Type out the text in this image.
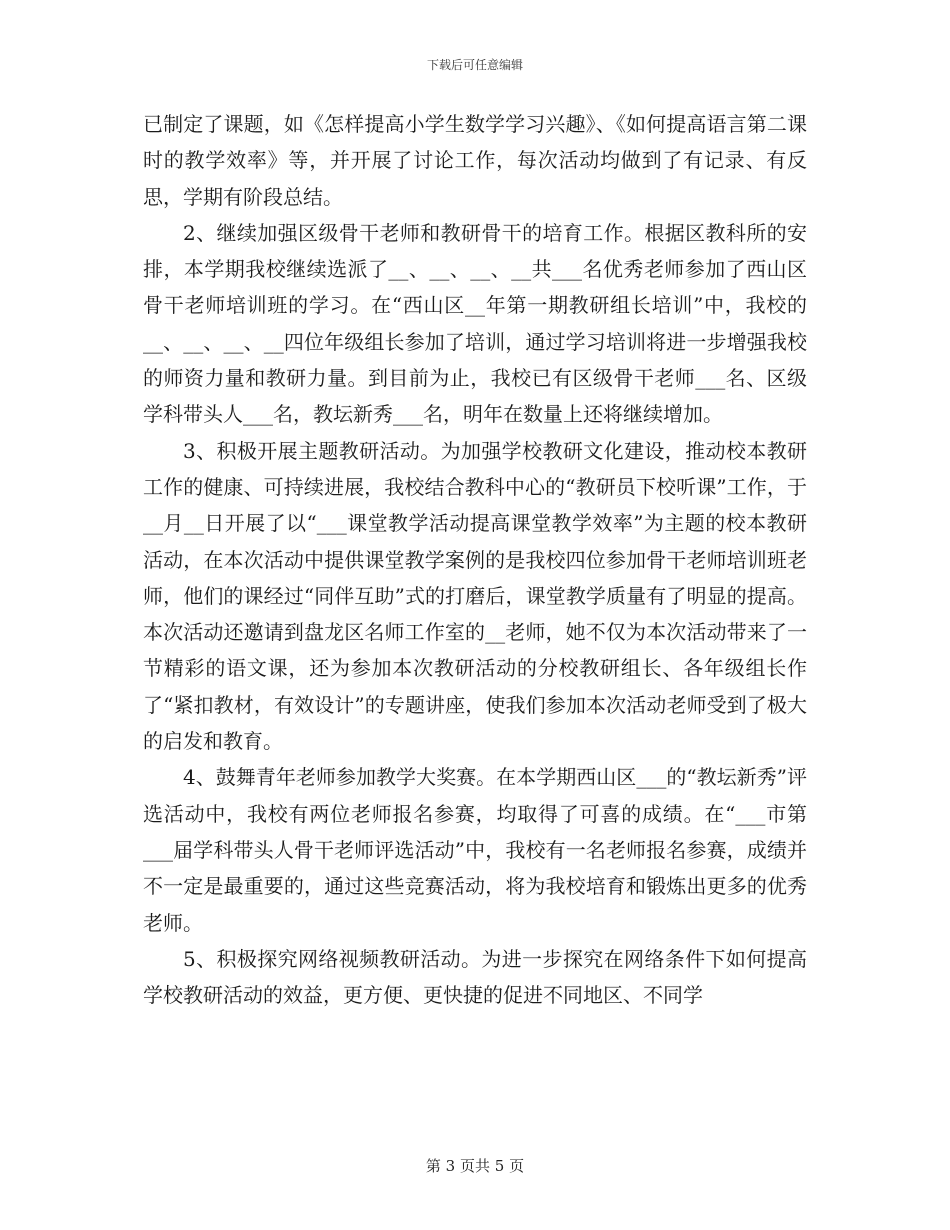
下载后可任意编辑

已制定了课题，如《怎样提高小学生数学学习兴趣》、《如何提高语言第二课时的教学效率》等，并开展了讨论工作，每次活动均做到了有记录、有反思，学期有阶段总结。

2、继续加强区级骨干老师和教研骨干的培育工作。根据区教科所的安排，本学期我校继续选派了__、__、__、__共___名优秀老师参加了西山区骨干老师培训班的学习。在“西山区__年第一期教研组长培训”中，我校的__、__、__、__四位年级组长参加了培训，通过学习培训将进一步增强我校的师资力量和教研力量。到目前为止，我校已有区级骨干老师___名、区级学科带头人___名，教坛新秀___名，明年在数量上还将继续增加。

3、积极开展主题教研活动。为加强学校教研文化建设，推动校本教研工作的健康、可持续进展，我校结合教科中心的“教研员下校听课”工作，于__月__日开展了以“___课堂教学活动提高课堂教学效率”为主题的校本教研活动，在本次活动中提供课堂教学案例的是我校四位参加骨干老师培训班老师，他们的课经过“同伴互助”式的打磨后，课堂教学质量有了明显的提高。本次活动还邀请到盘龙区名师工作室的__老师，她不仅为本次活动带来了一节精彩的语文课，还为参加本次教研活动的分校教研组长、各年级组长作了“紧扣教材，有效设计”的专题讲座，使我们参加本次活动老师受到了极大的启发和教育。

4、鼓舞青年老师参加教学大奖赛。在本学期西山区___的“教坛新秀”评选活动中，我校有两位老师报名参赛，均取得了可喜的成绩。在“___市第___届学科带头人骨干老师评选活动”中，我校有一名老师报名参赛，成绩并不一定是最重要的，通过这些竞赛活动，将为我校培育和锻炼出更多的优秀老师。

5、积极探究网络视频教研活动。为进一步探究在网络条件下如何提高学校教研活动的效益，更方便、更快捷的促进不同地区、不同学

第 3 页共 5 页
